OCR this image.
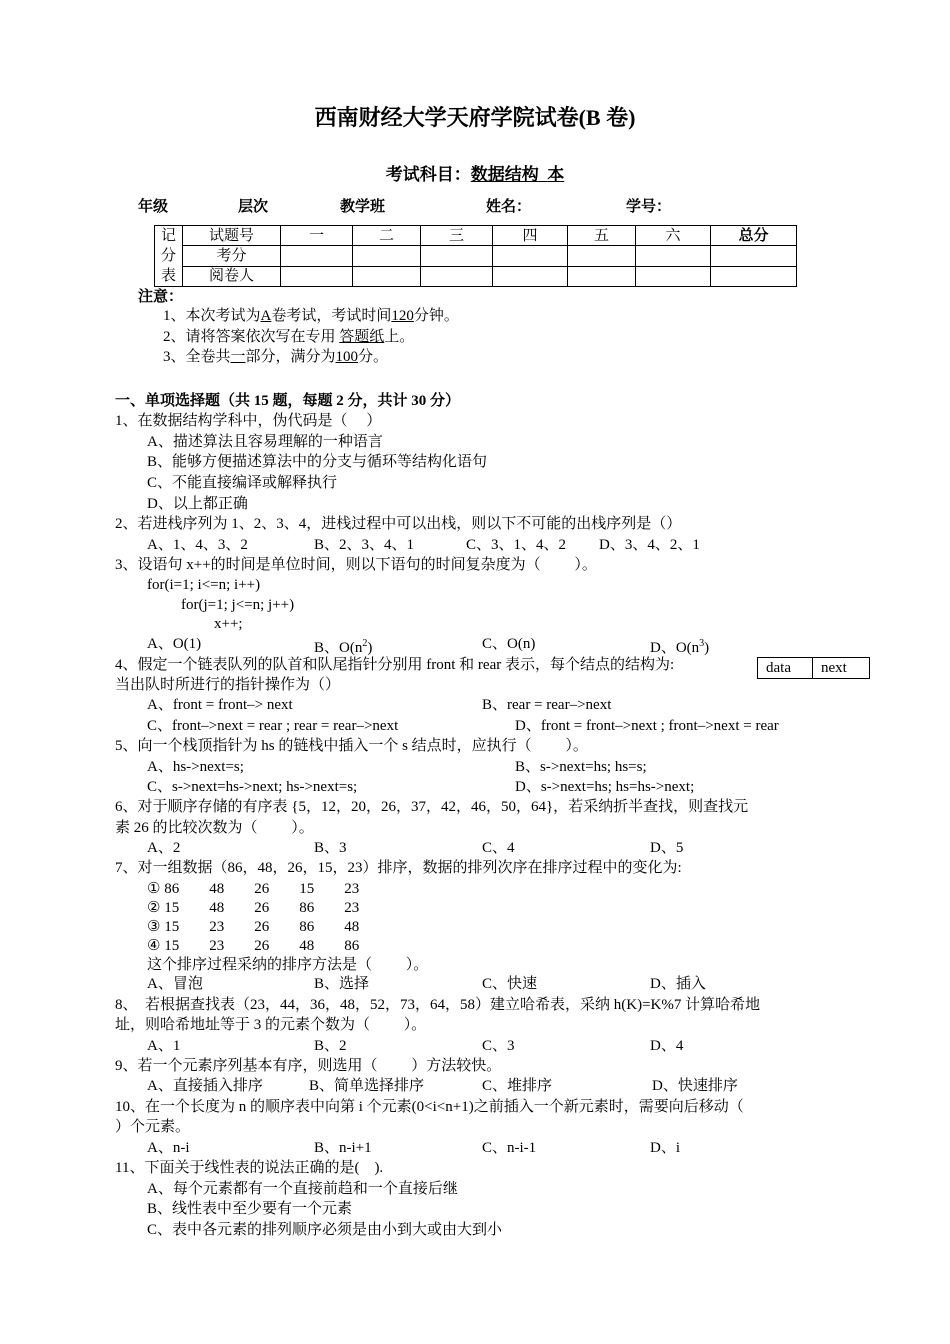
西南财经大学天府学院试卷(B 卷)
考试科目：数据结构 本
年级	层次	教学班	姓名：	学号：
记
分
表	试题号	一	二	三	四	五	六	总分
	考分							
	阅卷人							
注意：
1、本次考试为A卷考试，考试时间120分钟。
2、请将答案依次写在专用 答题纸上。
3、全卷共一部分，满分为100分。
一、单项选择题（共 15 题，每题 2 分，共计 30 分）
1、在数据结构学科中，伪代码是（　 ）
A、描述算法且容易理解的一种语言
B、能够方便描述算法中的分支与循环等结构化语句
C、不能直接编译或解释执行
D、以上都正确
2、若进栈序列为 1、2、3、4，进栈过程中可以出栈，则以下不可能的出栈序列是（）
A、1、4、3、2	B、2、3、4、1	C、3、1、4、2 D、3、4、2、1
3、设语句 x++的时间是单位时间，则以下语句的时间复杂度为（　　 ）。
for(i=1; i<=n; i++)
for(j=1; j<=n; j++)
x++;
A、O(1)	B、$O(n^2)$	C、O(n)	D、$O(n^3)$
4、假定一个链表队列的队首和队尾指针分别用 front 和 rear 表示，每个结点的结构为:	data	next
当出队时所进行的指针操作为（）
A、front = front–> next	B、rear = rear–>next
C、front–>next = rear ; rear = rear–>next	D、front = front–>next ; front–>next = rear
5、向一个栈顶指针为 hs 的链栈中插入一个 s 结点时，应执行（　　 ）。
A、hs->next=s;	B、s->next=hs; hs=s;
C、s->next=hs->next; hs->next=s;	D、s->next=hs; hs=hs->next;
6、对于顺序存储的有序表 {5，12，20，26，37，42，46，50，64}，若采纳折半查找，则查找元
素 26 的比较次数为（　　 ）。
A、2	B、3	C、4	D、5
7、对一组数据（86，48，26，15，23）排序，数据的排列次序在排序过程中的变化为:
① 86　　48　　26　　15　　23
② 15　　48　　26　　86　　23
③ 15　　23　　26　　86　　48
④ 15　　23　　26　　48　　86
这个排序过程采纳的排序方法是（　　 ）。
A、冒泡	B、选择	C、快速	D、插入
8、　若根据查找表（23，44，36，48，52，73，64，58）建立哈希表，采纳 h(K)=K%7 计算哈希地
址，则哈希地址等于 3 的元素个数为（　　 ）。
A、1	B、2	C、3	D、4
9、若一个元素序列基本有序，则选用（　　 ）方法较快。
A、直接插入排序	B、简单选择排序	C、堆排序	D、快速排序
10、在一个长度为 n 的顺序表中向第 i 个元素(0<i<n+1)之前插入一个新元素时，需要向后移动（
）个元素。
A、n-i	B、n-i+1	C、n-i-1	D、i
11、下面关于线性表的说法正确的是(　).
A、每个元素都有一个直接前趋和一个直接后继
B、线性表中至少要有一个元素
C、表中各元素的排列顺序必须是由小到大或由大到小
